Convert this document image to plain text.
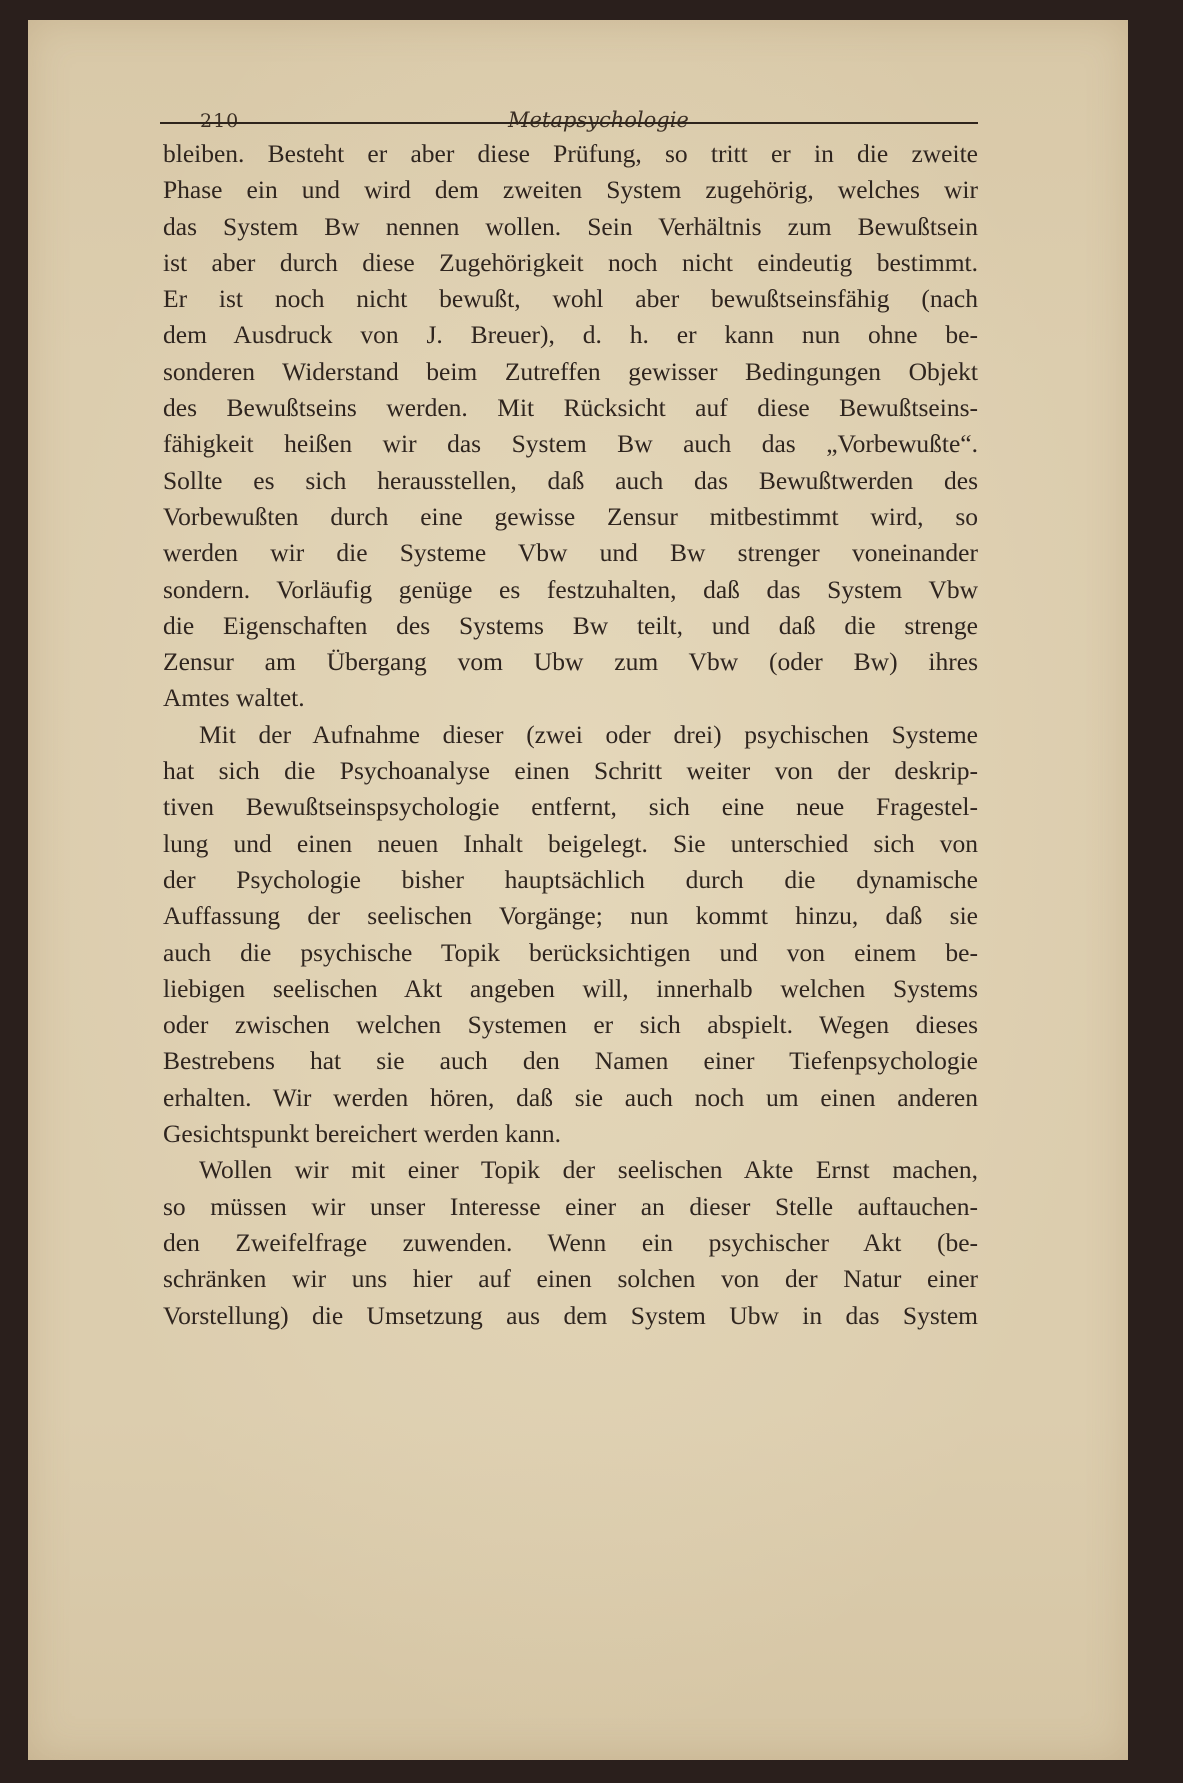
210	Metapsychologie
bleiben. Besteht er aber diese Prüfung, so tritt er in die zweite
Phase ein und wird dem zweiten System zugehörig, welches wir
das System Bw nennen wollen. Sein Verhältnis zum Bewußtsein
ist aber durch diese Zugehörigkeit noch nicht eindeutig bestimmt.
Er ist noch nicht bewußt, wohl aber bewußtseinsfähig (nach
dem Ausdruck von J. Breuer), d. h. er kann nun ohne be-
sonderen Widerstand beim Zutreffen gewisser Bedingungen Objekt
des Bewußtseins werden. Mit Rücksicht auf diese Bewußtseins-
fähigkeit heißen wir das System Bw auch das „Vorbewußte“.
Sollte es sich herausstellen, daß auch das Bewußtwerden des
Vorbewußten durch eine gewisse Zensur mitbestimmt wird, so
werden wir die Systeme Vbw und Bw strenger voneinander
sondern. Vorläufig genüge es festzuhalten, daß das System Vbw
die Eigenschaften des Systems Bw teilt, und daß die strenge
Zensur am Übergang vom Ubw zum Vbw (oder Bw) ihres
Amtes waltet.
Mit der Aufnahme dieser (zwei oder drei) psychischen Systeme
hat sich die Psychoanalyse einen Schritt weiter von der deskrip-
tiven Bewußtseinspsychologie entfernt, sich eine neue Fragestel-
lung und einen neuen Inhalt beigelegt. Sie unterschied sich von
der Psychologie bisher hauptsächlich durch die dynamische
Auffassung der seelischen Vorgänge; nun kommt hinzu, daß sie
auch die psychische Topik berücksichtigen und von einem be-
liebigen seelischen Akt angeben will, innerhalb welchen Systems
oder zwischen welchen Systemen er sich abspielt. Wegen dieses
Bestrebens hat sie auch den Namen einer Tiefenpsychologie
erhalten. Wir werden hören, daß sie auch noch um einen anderen
Gesichtspunkt bereichert werden kann.
Wollen wir mit einer Topik der seelischen Akte Ernst machen,
so müssen wir unser Interesse einer an dieser Stelle auftauchen-
den Zweifelfrage zuwenden. Wenn ein psychischer Akt (be-
schränken wir uns hier auf einen solchen von der Natur einer
Vorstellung) die Umsetzung aus dem System Ubw in das System
